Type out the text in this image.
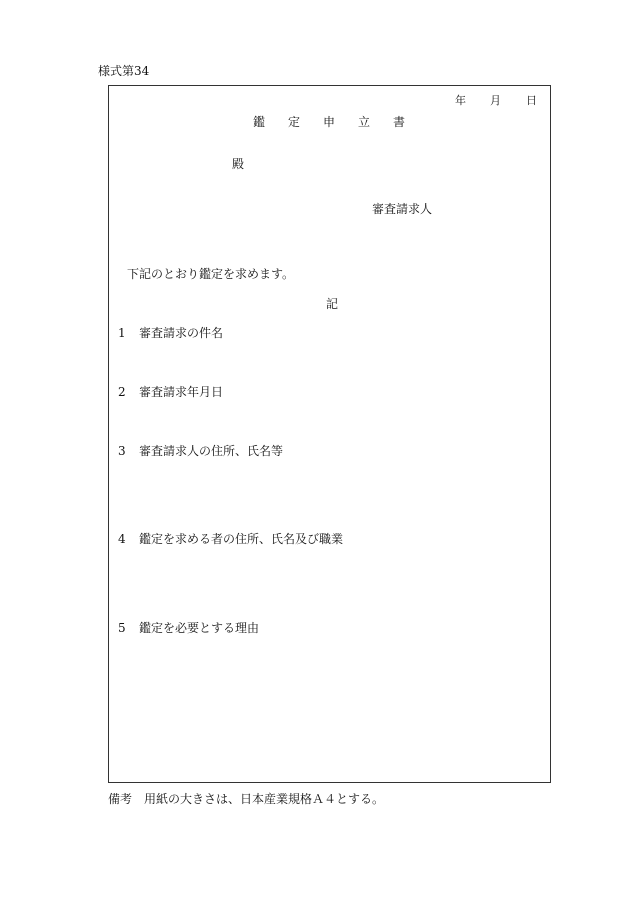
様式第34
年 月 日
鑑 定 申 立 書
殿
審査請求人
下記のとおり鑑定を求めます。
記
1 審査請求の件名
2 審査請求年月日
3 審査請求人の住所、氏名等
4 鑑定を求める者の住所、氏名及び職業
5 鑑定を必要とする理由
備考　用紙の大きさは、日本産業規格Ａ４とする。
